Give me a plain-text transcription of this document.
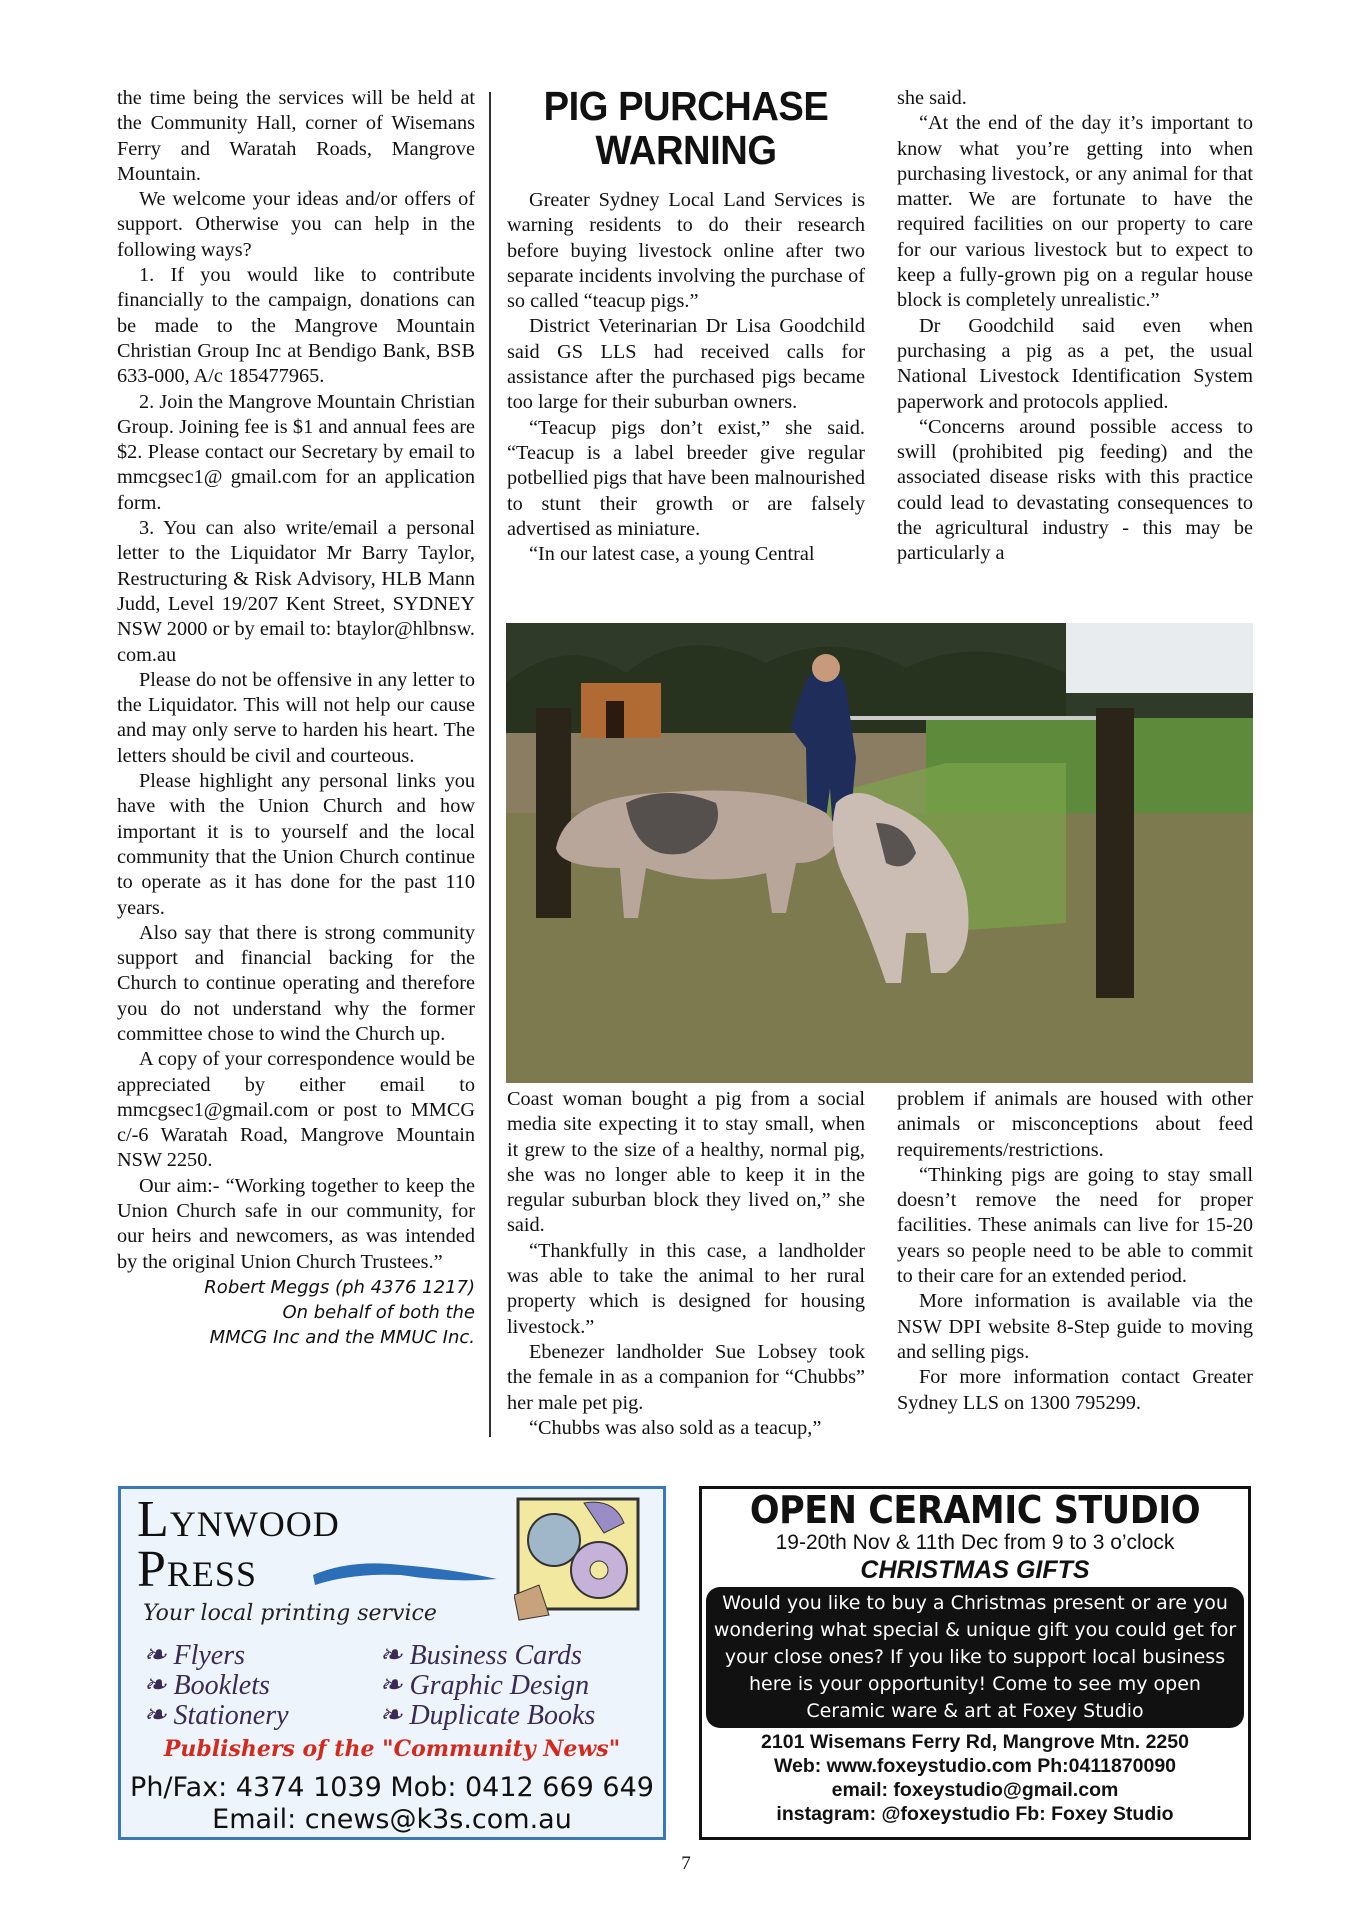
the time being the services will be held at the Community Hall, corner of Wisemans Ferry and Waratah Roads, Mangrove Mountain.

We welcome your ideas and/or offers of support. Otherwise you can help in the following ways?

1. If you would like to contribute financially to the campaign, donations can be made to the Mangrove Mountain Christian Group Inc at Bendigo Bank, BSB 633-000, A/c 185477965.

2. Join the Mangrove Mountain Christian Group. Joining fee is $1 and annual fees are $2. Please contact our Secretary by email to mmcgsec1@ gmail.com for an application form.

3. You can also write/email a personal letter to the Liquidator Mr Barry Taylor, Restructuring & Risk Advisory, HLB Mann Judd, Level 19/207 Kent Street, SYDNEY NSW 2000 or by email to: btaylor@hlbnsw. com.au

Please do not be offensive in any letter to the Liquidator. This will not help our cause and may only serve to harden his heart. The letters should be civil and courteous.

Please highlight any personal links you have with the Union Church and how important it is to yourself and the local community that the Union Church continue to operate as it has done for the past 110 years.

Also say that there is strong community support and financial backing for the Church to continue operating and therefore you do not understand why the former committee chose to wind the Church up.

A copy of your correspondence would be appreciated by either email to mmcgsec1@gmail.com or post to MMCG c/-6 Waratah Road, Mangrove Mountain NSW 2250.

Our aim:- “Working together to keep the Union Church safe in our community, for our heirs and newcomers, as was intended by the original Union Church Trustees.”

Robert Meggs (ph 4376 1217)

On behalf of both the

MMCG Inc and the MMUC Inc.

PIG PURCHASE
WARNING

Greater Sydney Local Land Services is warning residents to do their research before buying livestock online after two separate incidents involving the purchase of so called “teacup pigs.”

District Veterinarian Dr Lisa Goodchild said GS LLS had received calls for assistance after the purchased pigs became too large for their suburban owners.

“Teacup pigs don’t exist,” she said. “Teacup is a label breeder give regular potbellied pigs that have been malnourished to stunt their growth or are falsely advertised as miniature.

“In our latest case, a young Central

she said.

“At the end of the day it’s important to know what you’re getting into when purchasing livestock, or any animal for that matter. We are fortunate to have the required facilities on our property to care for our various livestock but to expect to keep a fully-grown pig on a regular house block is completely unrealistic.”

Dr Goodchild said even when purchasing a pig as a pet, the usual National Livestock Identification System paperwork and protocols applied.

“Concerns around possible access to swill (prohibited pig feeding) and the associated disease risks with this practice could lead to devastating consequences to the agricultural industry - this may be particularly a

Coast woman bought a pig from a social media site expecting it to stay small, when it grew to the size of a healthy, normal pig, she was no longer able to keep it in the regular suburban block they lived on,” she said.

“Thankfully in this case, a landholder was able to take the animal to her rural property which is designed for housing livestock.”

Ebenezer landholder Sue Lobsey took the female in as a companion for “Chubbs” her male pet pig.

“Chubbs was also sold as a teacup,”

problem if animals are housed with other animals or misconceptions about feed requirements/restrictions.

“Thinking pigs are going to stay small doesn’t remove the need for proper facilities. These animals can live for 15-20 years so people need to be able to commit to their care for an extended period.

More information is available via the NSW DPI website 8-Step guide to moving and selling pigs.

For more information contact Greater Sydney LLS on 1300 795299.

Lynwood
Press
Your local printing service
❧ Flyers
❧ Booklets
❧ Stationery
❧ Business Cards
❧ Graphic Design
❧ Duplicate Books
Publishers of the "Community News"
Ph/Fax: 4374 1039 Mob: 0412 669 649
Email: cnews@k3s.com.au
OPEN CERAMIC STUDIO
19-20th Nov & 11th Dec from 9 to 3 o’clock
CHRISTMAS GIFTS
Would you like to buy a Christmas present or are you wondering what special & unique gift you could get for your close ones? If you like to support local business here is your opportunity! Come to see my open Ceramic ware & art at Foxey Studio
2101 Wisemans Ferry Rd, Mangrove Mtn. 2250
Web: www.foxeystudio.com Ph:0411870090
email: foxeystudio@gmail.com
instagram: @foxeystudio Fb: Foxey Studio
7
